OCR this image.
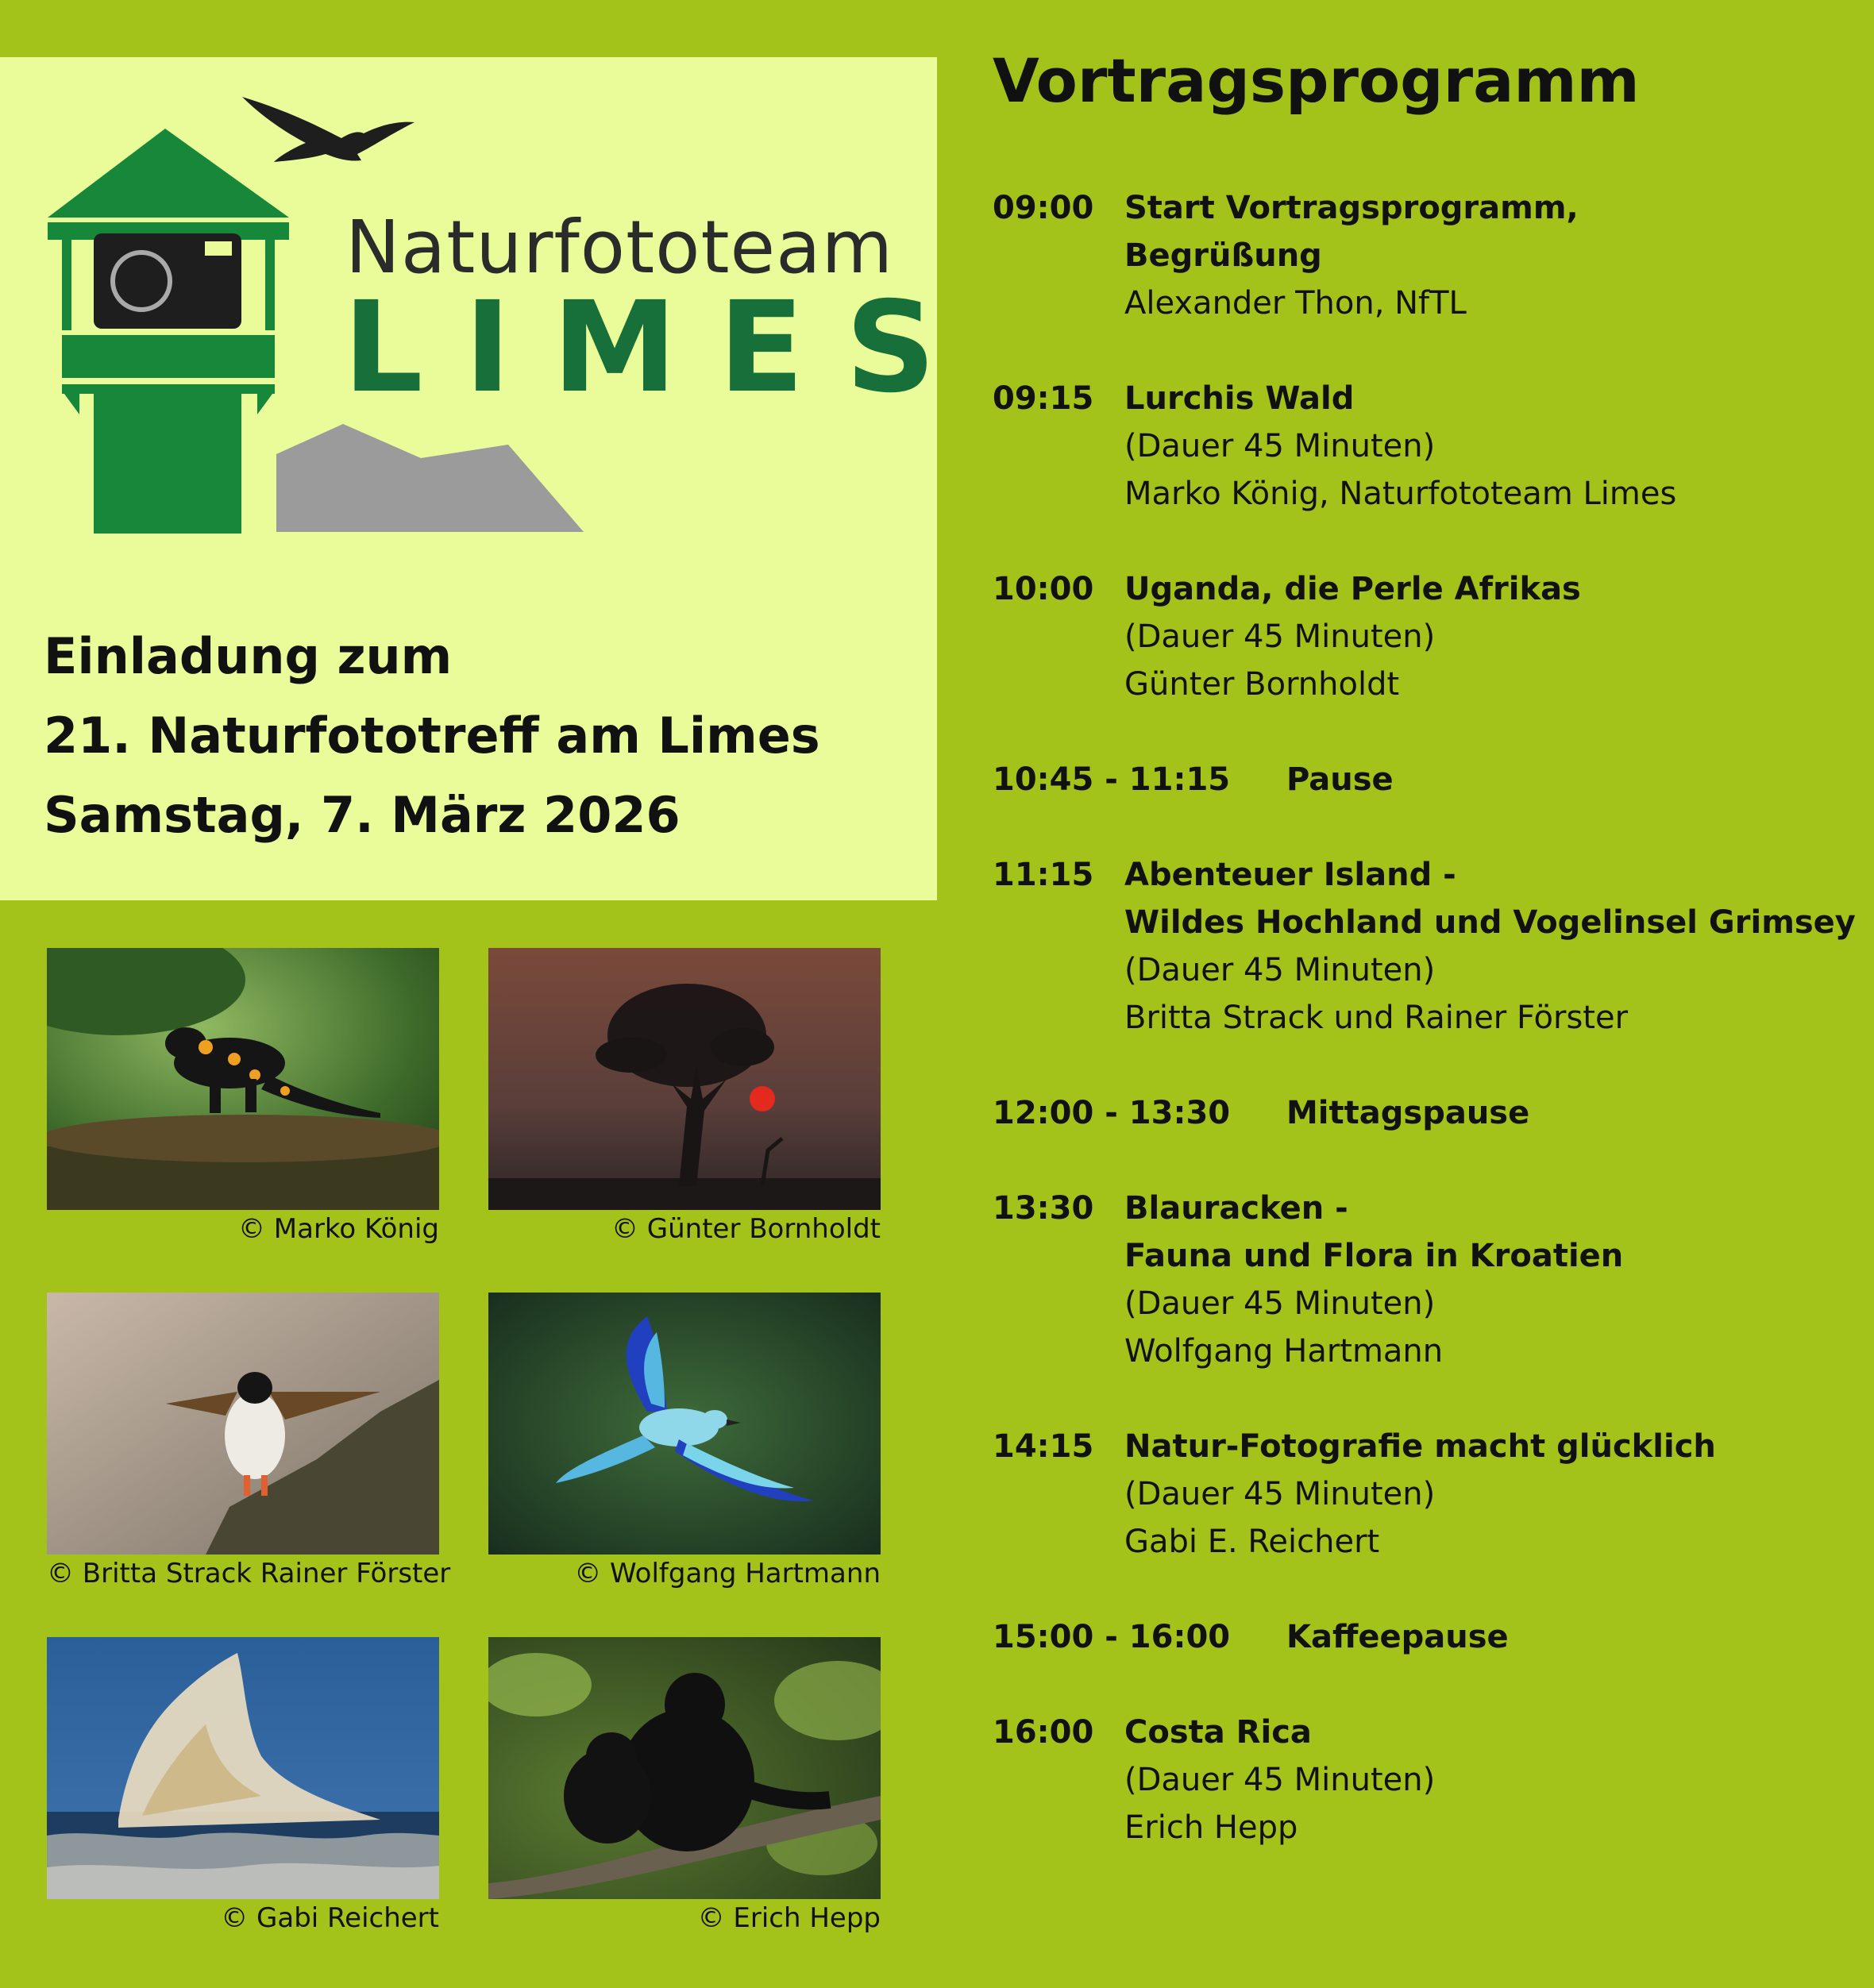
Naturfototeam
LIMES
Einladung zum
21. Naturfototreff am Limes
Samstag, 7. März 2026
© Marko König	© Günter Bornholdt
© Britta Strack Rainer Förster	© Wolfgang Hartmann
© Gabi Reichert	© Erich Hepp
Vortragsprogramm
09:00 Start Vortragsprogramm,
Begrüßung
Alexander Thon, NfTL
09:15 Lurchis Wald
(Dauer 45 Minuten)
Marko König, Naturfototeam Limes
10:00 Uganda, die Perle Afrikas
(Dauer 45 Minuten)
Günter Bornholdt
10:45 - 11:15 Pause
11:15 Abenteuer Island -
Wildes Hochland und Vogelinsel Grimsey
(Dauer 45 Minuten)
Britta Strack und Rainer Förster
12:00 - 13:30 Mittagspause
13:30 Blauracken -
Fauna und Flora in Kroatien
(Dauer 45 Minuten)
Wolfgang Hartmann
14:15 Natur-Fotografie macht glücklich
(Dauer 45 Minuten)
Gabi E. Reichert
15:00 - 16:00 Kaffeepause
16:00 Costa Rica
(Dauer 45 Minuten)
Erich Hepp
